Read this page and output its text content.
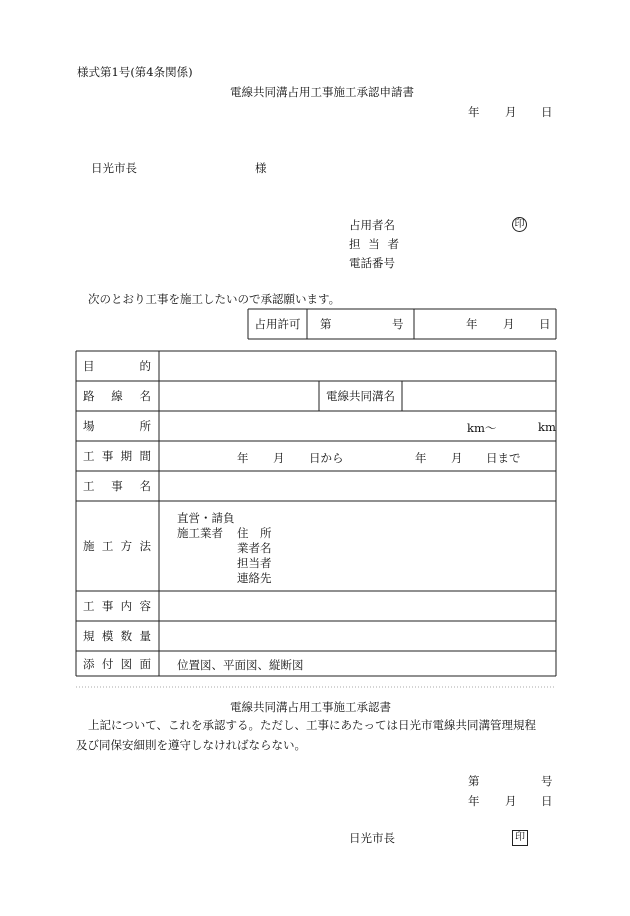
様式第1号(第4条関係)
電線共同溝占用工事施工承認申請書
年 月 日
日光市長	様
占用者名	印
担 当 者
電話番号
次のとおり工事を施工したいので承認願います。
占用許可	第	号	年 月 日
目	的
路 線 名	電線共同溝名
場	所	km〜	km
工 事 期 間	年 月 日から	年 月 日まで
工 事 名
施 工 方 法
直営・請負
施工業者 住　所
業者名
担当者
連絡先
工 事 内 容
規 模 数 量
添 付 図 面 位置図、平面図、縦断図
電線共同溝占用工事施工承認書
上記について、これを承認する。ただし、工事にあたっては日光市電線共同溝管理規程
及び同保安細則を遵守しなければならない。
第	号
年 月 日
日光市長	印
